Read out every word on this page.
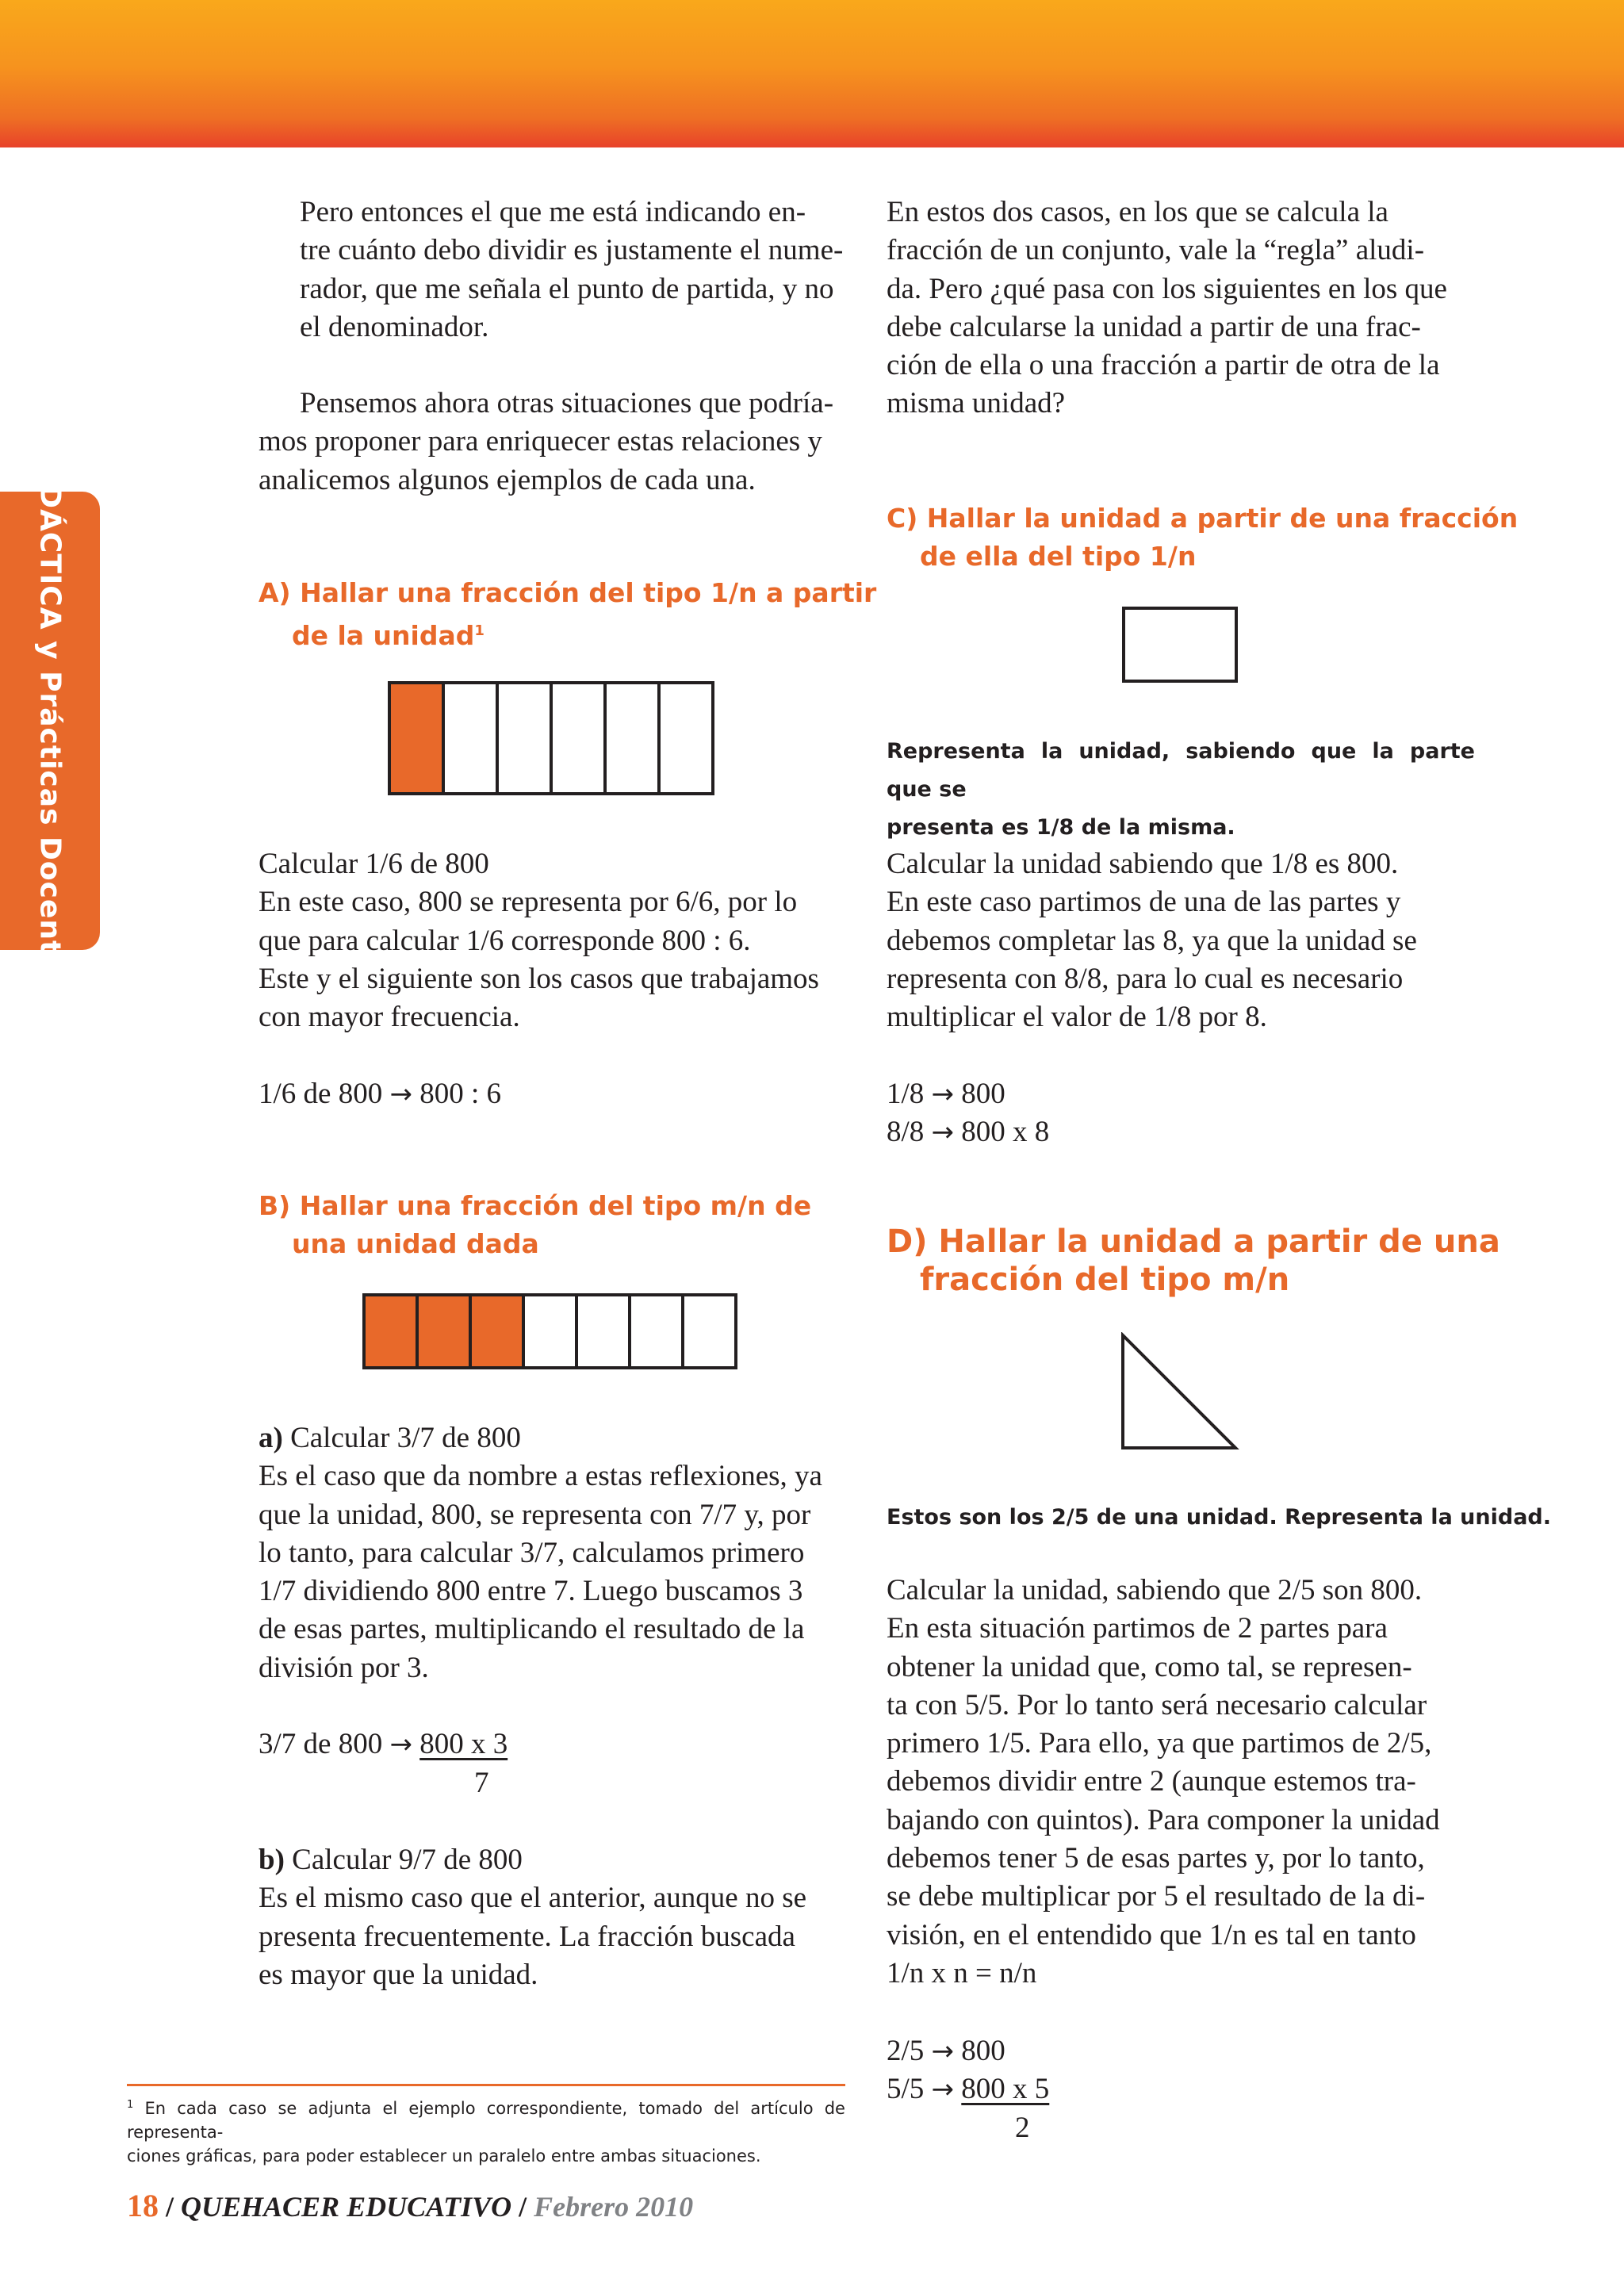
DIDÁCTICA y Prácticas Docentes

Pero entonces el que me está indicando en-
tre cuánto debo dividir es justamente el nume-
rador, que me señala el punto de partida, y no
el denominador.

Pensemos ahora otras situaciones que podría-
mos proponer para enriquecer estas relaciones y
analicemos algunos ejemplos de cada una.

A) Hallar una fracción del tipo 1/n a partir
de la unidad$^1$

Calcular 1/6 de 800
En este caso, 800 se representa por 6/6, por lo
que para calcular 1/6 corresponde 800 : 6.
Este y el siguiente son los casos que trabajamos
con mayor frecuencia.

1/6 de 800 → 800 : 6

B) Hallar una fracción del tipo m/n de
una unidad dada

a) Calcular 3/7 de 800
Es el caso que da nombre a estas reflexiones, ya
que la unidad, 800, se representa con 7/7 y, por
lo tanto, para calcular 3/7, calculamos primero
1/7 dividiendo 800 entre 7. Luego buscamos 3
de esas partes, multiplicando el resultado de la
división por 3.

3/7 de 800 → 800 x 3
7

b) Calcular 9/7 de 800
Es el mismo caso que el anterior, aunque no se
presenta frecuentemente. La fracción buscada
es mayor que la unidad.

En estos dos casos, en los que se calcula la
fracción de un conjunto, vale la “regla” aludi-
da. Pero ¿qué pasa con los siguientes en los que
debe calcularse la unidad a partir de una frac-
ción de ella o una fracción a partir de otra de la
misma unidad?

C) Hallar la unidad a partir de una fracción
de ella del tipo 1/n
Representa la unidad, sabiendo que la parte que se
presenta es 1/8 de la misma.

Calcular la unidad sabiendo que 1/8 es 800.
En este caso partimos de una de las partes y
debemos completar las 8, ya que la unidad se
representa con 8/8, para lo cual es necesario
multiplicar el valor de 1/8 por 8.

1/8 → 800
8/8 → 800 x 8
D) Hallar la unidad a partir de una
fracción del tipo m/n
Estos son los 2/5 de una unidad. Representa la unidad.

Calcular la unidad, sabiendo que 2/5 son 800.
En esta situación partimos de 2 partes para
obtener la unidad que, como tal, se represen-
ta con 5/5. Por lo tanto será necesario calcular
primero 1/5. Para ello, ya que partimos de 2/5,
debemos dividir entre 2 (aunque estemos tra-
bajando con quintos). Para componer la unidad
debemos tener 5 de esas partes y, por lo tanto,
se debe multiplicar por 5 el resultado de la di-
visión, en el entendido que 1/n es tal en tanto
1/n x n = n/n

2/5 → 800
5/5 → 800 x 5
2

$^1$ En cada caso se adjunta el ejemplo correspondiente, tomado del artículo de representa-
ciones gráficas, para poder establecer un paralelo entre ambas situaciones.

18 / QUEHACER EDUCATIVO / Febrero 2010
